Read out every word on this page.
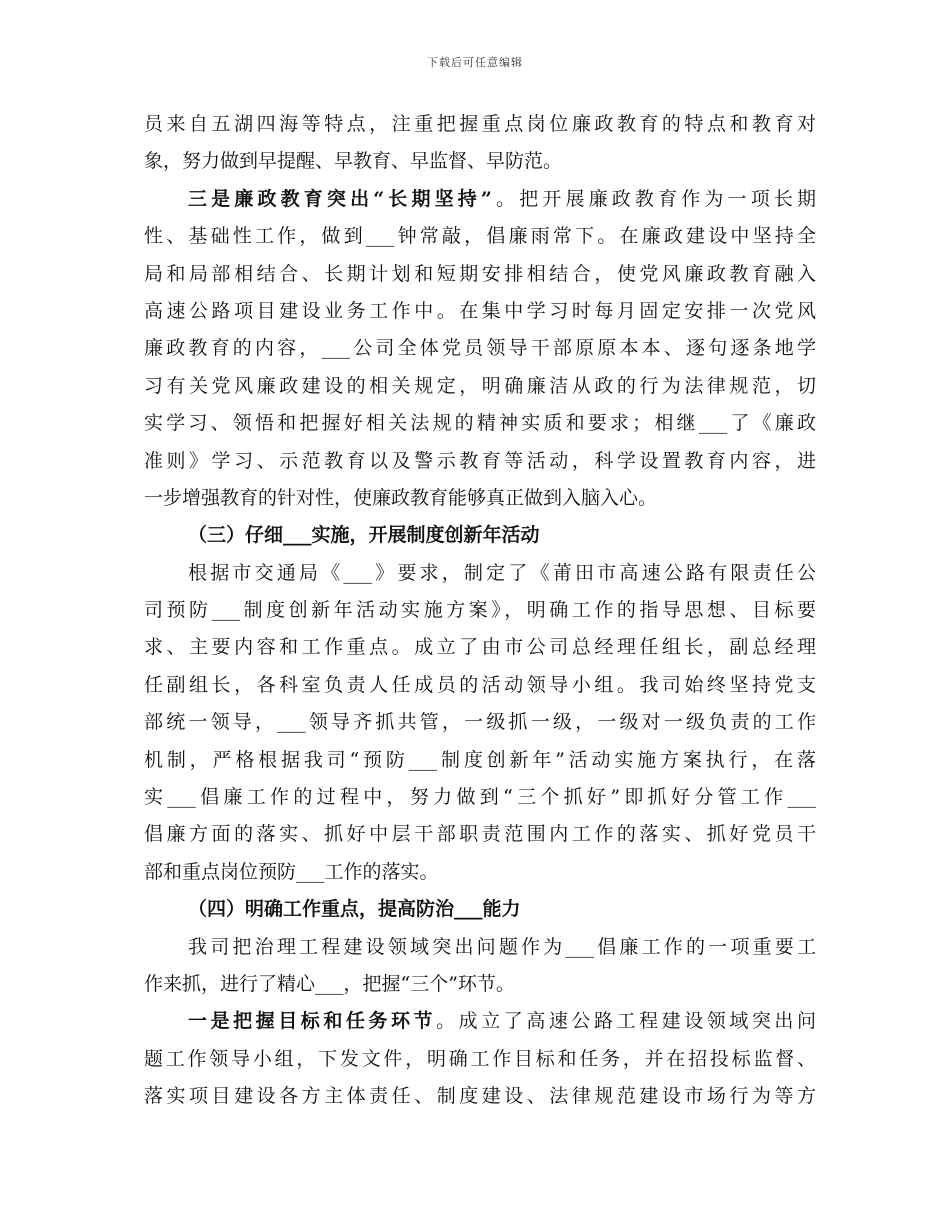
下载后可任意编辑
员来自五湖四海等特点，注重把握重点岗位廉政教育的特点和教育对
象，努力做到早提醒、早教育、早监督、早防范。
三是廉政教育突出“长期坚持”。把开展廉政教育作为一项长期
性、基础性工作，做到___钟常敲，倡廉雨常下。在廉政建设中坚持全
局和局部相结合、长期计划和短期安排相结合，使党风廉政教育融入
高速公路项目建设业务工作中。在集中学习时每月固定安排一次党风
廉政教育的内容，___公司全体党员领导干部原原本本、逐句逐条地学
习有关党风廉政建设的相关规定，明确廉洁从政的行为法律规范，切
实学习、领悟和把握好相关法规的精神实质和要求；相继___了《廉政
准则》学习、示范教育以及警示教育等活动，科学设置教育内容，进
一步增强教育的针对性，使廉政教育能够真正做到入脑入心。
（三）仔细___实施，开展制度创新年活动
根据市交通局《___》要求，制定了《莆田市高速公路有限责任公
司预防___制度创新年活动实施方案》，明确工作的指导思想、目标要
求、主要内容和工作重点。成立了由市公司总经理任组长，副总经理
任副组长，各科室负责人任成员的活动领导小组。我司始终坚持党支
部统一领导，___领导齐抓共管，一级抓一级，一级对一级负责的工作
机制，严格根据我司“预防___制度创新年”活动实施方案执行，在落
实___倡廉工作的过程中，努力做到“三个抓好”即抓好分管工作___
倡廉方面的落实、抓好中层干部职责范围内工作的落实、抓好党员干
部和重点岗位预防___工作的落实。
（四）明确工作重点，提高防治___能力
我司把治理工程建设领域突出问题作为___倡廉工作的一项重要工
作来抓，进行了精心___，把握“三个”环节。
一是把握目标和任务环节。成立了高速公路工程建设领域突出问
题工作领导小组，下发文件，明确工作目标和任务，并在招投标监督、
落实项目建设各方主体责任、制度建设、法律规范建设市场行为等方
